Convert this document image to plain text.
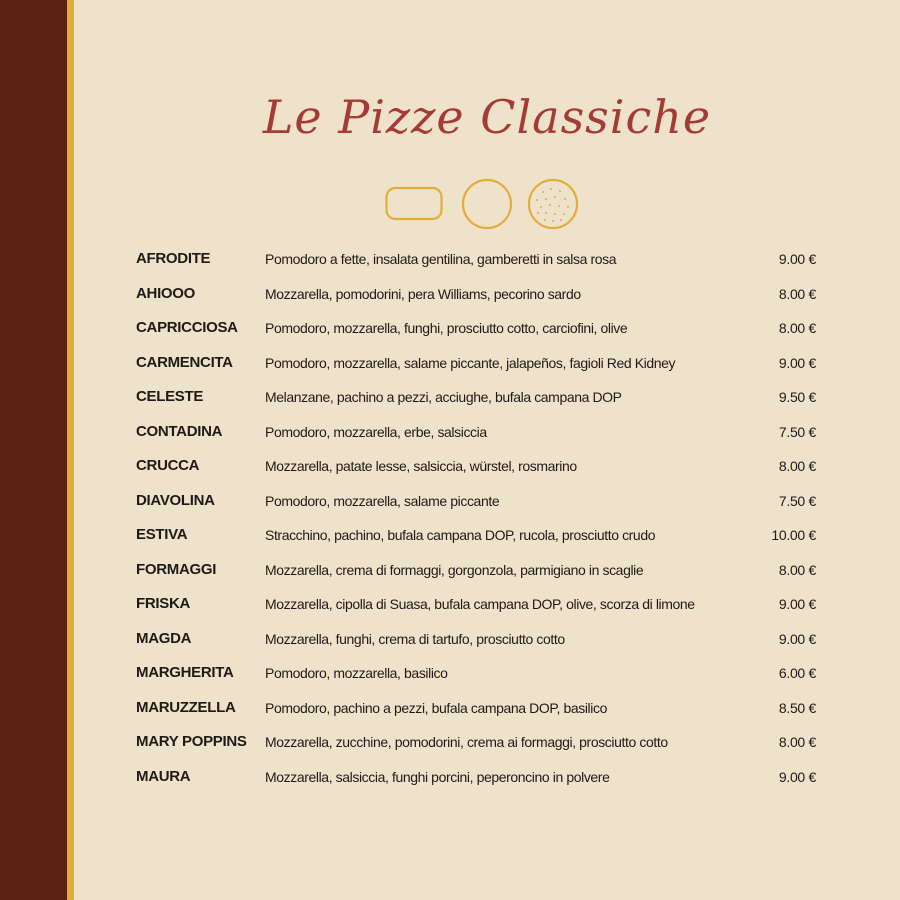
Le Pizze Classiche
AFRODITE	Pomodoro a fette, insalata gentilina, gamberetti in salsa rosa	9.00 €
AHIOOO	Mozzarella, pomodorini, pera Williams, pecorino sardo	8.00 €
CAPRICCIOSA Pomodoro, mozzarella, funghi, prosciutto cotto, carciofini, olive	8.00 €
CARMENCITA Pomodoro, mozzarella, salame piccante, jalapeños, fagioli Red Kidney	9.00 €
CELESTE	Melanzane, pachino a pezzi, acciughe, bufala campana DOP	9.50 €
CONTADINA	Pomodoro, mozzarella, erbe, salsiccia	7.50 €
CRUCCA	Mozzarella, patate lesse, salsiccia, würstel, rosmarino	8.00 €
DIAVOLINA	Pomodoro, mozzarella, salame piccante	7.50 €
ESTIVA	Stracchino, pachino, bufala campana DOP, rucola, prosciutto crudo	10.00 €
FORMAGGI	Mozzarella, crema di formaggi, gorgonzola, parmigiano in scaglie	8.00 €
FRISKA	Mozzarella, cipolla di Suasa, bufala campana DOP, olive, scorza di limone	9.00 €
MAGDA	Mozzarella, funghi, crema di tartufo, prosciutto cotto	9.00 €
MARGHERITA Pomodoro, mozzarella, basilico	6.00 €
MARUZZELLA Pomodoro, pachino a pezzi, bufala campana DOP, basilico	8.50 €
MARY POPPINS Mozzarella, zucchine, pomodorini, crema ai formaggi, prosciutto cotto	8.00 €
MAURA	Mozzarella, salsiccia, funghi porcini, peperoncino in polvere	9.00 €
